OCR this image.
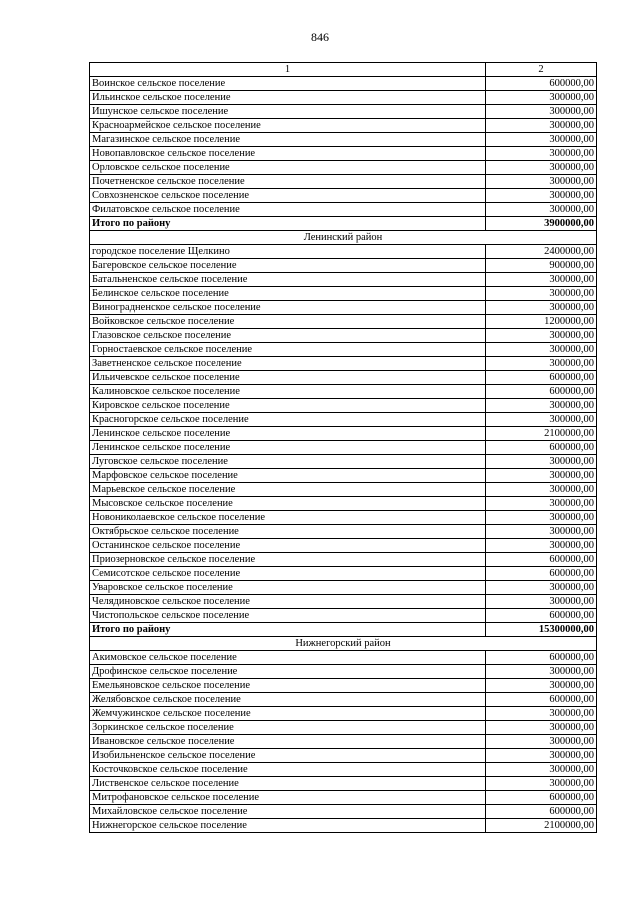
846
1	2
Воинское сельское поселение	600000,00
Ильинское сельское поселение	300000,00
Ишунское сельское поселение	300000,00
Красноармейское сельское поселение	300000,00
Магазинское сельское поселение	300000,00
Новопавловское сельское поселение	300000,00
Орловское сельское поселение	300000,00
Почетненское сельское поселение	300000,00
Совхозненское сельское поселение	300000,00
Филатовское сельское поселение	300000,00
Итого по району	3900000,00
Ленинский район	
городское поселение Щелкино	2400000,00
Багеровское сельское поселение	900000,00
Батальненское сельское поселение	300000,00
Белинское сельское поселение	300000,00
Виноградненское сельское поселение	300000,00
Войковское сельское поселение	1200000,00
Глазовское сельское поселение	300000,00
Горностаевское сельское поселение	300000,00
Заветненское сельское поселение	300000,00
Ильичевское сельское поселение	600000,00
Калиновское сельское поселение	600000,00
Кировское сельское поселение	300000,00
Красногорское сельское поселение	300000,00
Ленинское сельское поселение	2100000,00
Ленинское сельское поселение	600000,00
Луговское сельское поселение	300000,00
Марфовское сельское поселение	300000,00
Марьевское сельское поселение	300000,00
Мысовское сельское поселение	300000,00
Новониколаевское сельское поселение	300000,00
Октябрьское сельское поселение	300000,00
Останинское сельское поселение	300000,00
Приозерновское сельское поселение	600000,00
Семисотское сельское поселение	600000,00
Уваровское сельское поселение	300000,00
Челядиновское сельское поселение	300000,00
Чистопольское сельское поселение	600000,00
Итого по району	15300000,00
Нижнегорский район	
Акимовское сельское поселение	600000,00
Дрофинское сельское поселение	300000,00
Емельяновское сельское поселение	300000,00
Желябовское сельское поселение	600000,00
Жемчужинское сельское поселение	300000,00
Зоркинское сельское поселение	300000,00
Ивановское сельское поселение	300000,00
Изобильненское сельское поселение	300000,00
Косточковское сельское поселение	300000,00
Лиственское сельское поселение	300000,00
Митрофановское сельское поселение	600000,00
Михайловское сельское поселение	600000,00
Нижнегорское сельское поселение	2100000,00
